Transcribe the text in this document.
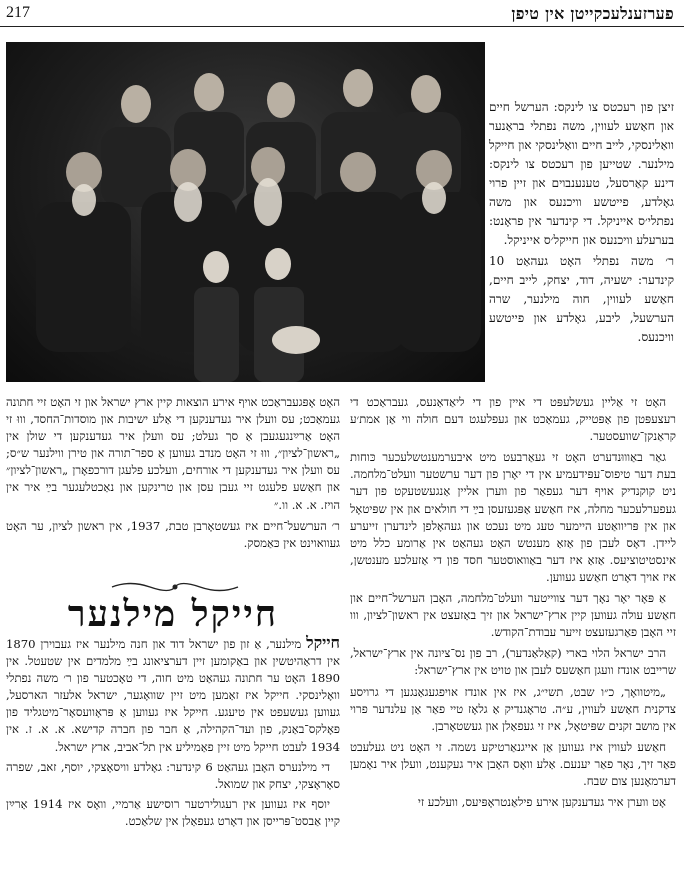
217	פערזענלעכקייטן אין טיפן

זיצן פון רעכטס צו לינקס: הערשל חיים און חאַשע לעווין, משה נפתלי בראַנער וואַלינסקי, לייב חיים וואַלינסקי און חייקל מילנער. שטייען פון רעכטס צו לינקס: דינע קאַרסעל, טענענבוים און זיין פרוי גאָלדע, פייטשע וויכנעס און משה נפתלי׳ס אייניקל. די קינדער אין פראָנט: בערעלע וויכנעס און חייקל׳ס אייניקל.

ר׳ משה נפתלי האָט געהאַט 10 קינדער: ישעיה, דוד, יצחק, לייב חיים, חאַשע לעווין, חוה מילנער, שרה הערשעל, ליבע, גאָלדע און פייטשע וויכנעס.

האָט זי אַליין געשלעפּט די איין פון די ליאַדאַנעס, געבראַכט די רעצעפּטן פון אַפּטייק, געמאַכט און געפלעגט דעם חולה ווי אַן אמת׳ע קראַנקן־שוועסטער.

גאַר באַוווּנדערט האָט זי געאַרבעט מיט איבערמענטשלעכער כּוחות בעת דער טיפוס־עפּידעמיע אין די יאָרן פון דער ערשטער וועלט־מלחמה. ניט קוקנדיק אויף דער געפאַר פון ווערן אליין אַנגעשטעקט פון דער געפערלעכער מחלה, איז חאַשע אַפּגעזעסן בײַ די חולאים און אין שפּיטאָל און אין פּריוואַטע היימער טעג מיט נעכט און געהאָלפן לינדערן זייערע ליידן. דאָס לעבן פון אַזאַ מענטש האָט געהאַט אין אַרומע כלל מיט אינסטיטוציעס. אַזאַ איז דער באַוואוסטער חסד פון די אַזעלכע מענטשן, איז אויך דאָרט חאַשע געווען.

אַ פּאָר יאָר נאָך דער צווייטער וועלט־מלחמה, האָבן הערשל־חיים און חאַשע עולה געווען קיין ארץ־ישראל און זיך באַזעצט אין ראשון־לציון, ווו זיי האָבן פאַרגעזעצט זייער עבודת־הקודש.

הרב ישראל הלוי בארי (קאַלאַנדער), רב פון נס־ציונה אין ארץ־ישראל, שרייבט אונדז וועגן חאַשעס לעבן און טויט אין ארץ־ישראל:

„מיטוואָך, כ״ו שבט, תשי״ג, איז אין אונדז אויפגעגאַנגען די גרויסע צדקנית חאַשע לעווין, ע״ה. טראָגנדיק אַ גלאָז טיי פאַר אַן עלנדער פרוי אין מושב זקנים שפּיטאָל, איז זי געפאַלן און געשטאָרבן.

חאַשע לעווין איז געווען אַן אייגנאַרטיקע נשמה. זי האָט ניט געלעבט פאַר זיך, נאָר פאַר יענעם. אַלע וואָס האָבן איר געקענט, וועלן איר נאָמען דערמאָנען צום שבח.

אָט ווערן איר געדענקען אירע פילאַנטראָפּיעס, וועלכע זי

האָט אָפּגעבראַכט אויף אירע הוצאות קיין ארץ ישראל און זי האָט זיי חתונה געמאַכט; עס וועלן איר געדענקען די אַלע ישיבות און מוסדות־החסד, וווּ זי האָט אַרײַנגעגעבן אַ סך געלט; עס וועלן איר געדענקען די שולן אין „ראשון־לציון״, וווּ זי האָט מנדב געווען אַ ספר־תורה און טירן ווילנער ש״ס; עס וועלן איר געדענקען די אורחים, וועלכע פלעגן דורכפאָרן „ראשון־לציון״ און חאַשע פלעגט זיי געבן עסן און טרינקען און נאַכטלעגער בײַ איר אין הויז. א. א. וו.״

ר׳ הערשעל־חיים איז געשטאָרבן טבת, 1937, אין ראשון לציון, ער האָט געוואוינט אין כּאַמסק.

חייקל מילנער

חייקל מילנער, אַ זון פון ישראל דוד און חנה מילנער איז געבוירן 1870 אין דראַהיטשין און באַקומען זיין דערציאונג בײַ מלמדים אין שטעטל. אין 1890 האָט ער חתונה געהאַט מיט חוה, די טאָכטער פון ר׳ משה נפתלי וואָלינסקי. חייקל איז זאַמען מיט זיין שוואָגער, ישראל אלעזר הארסעל, געווען געשעפט אין טיעגע. חייקל איז געווען אַ פּראָוועסאָר־מיטגליד פון פאָלקס־באַנק, פון ועד־הקהילה, אַ חבר פון חברה קדישא. א. א. ז. אין 1934 לעבט חייקל מיט זיין פאַמיליע אין תל־אביב, ארץ ישראל.

די מילנערס האָבן געהאַט 6 קינדער: גאָלדע וויסאָצקי, יוסף, זאב, שפרה סאָראָצקי, יצחק און שמואל.

יוסף איז געווען אין רעגולירטער רוסישע אַרמיי, וואָס איז 1914 אַרײַן קיין אַבסט־פּרייסן און דאָרט געפאַלן אין שלאַכט.
